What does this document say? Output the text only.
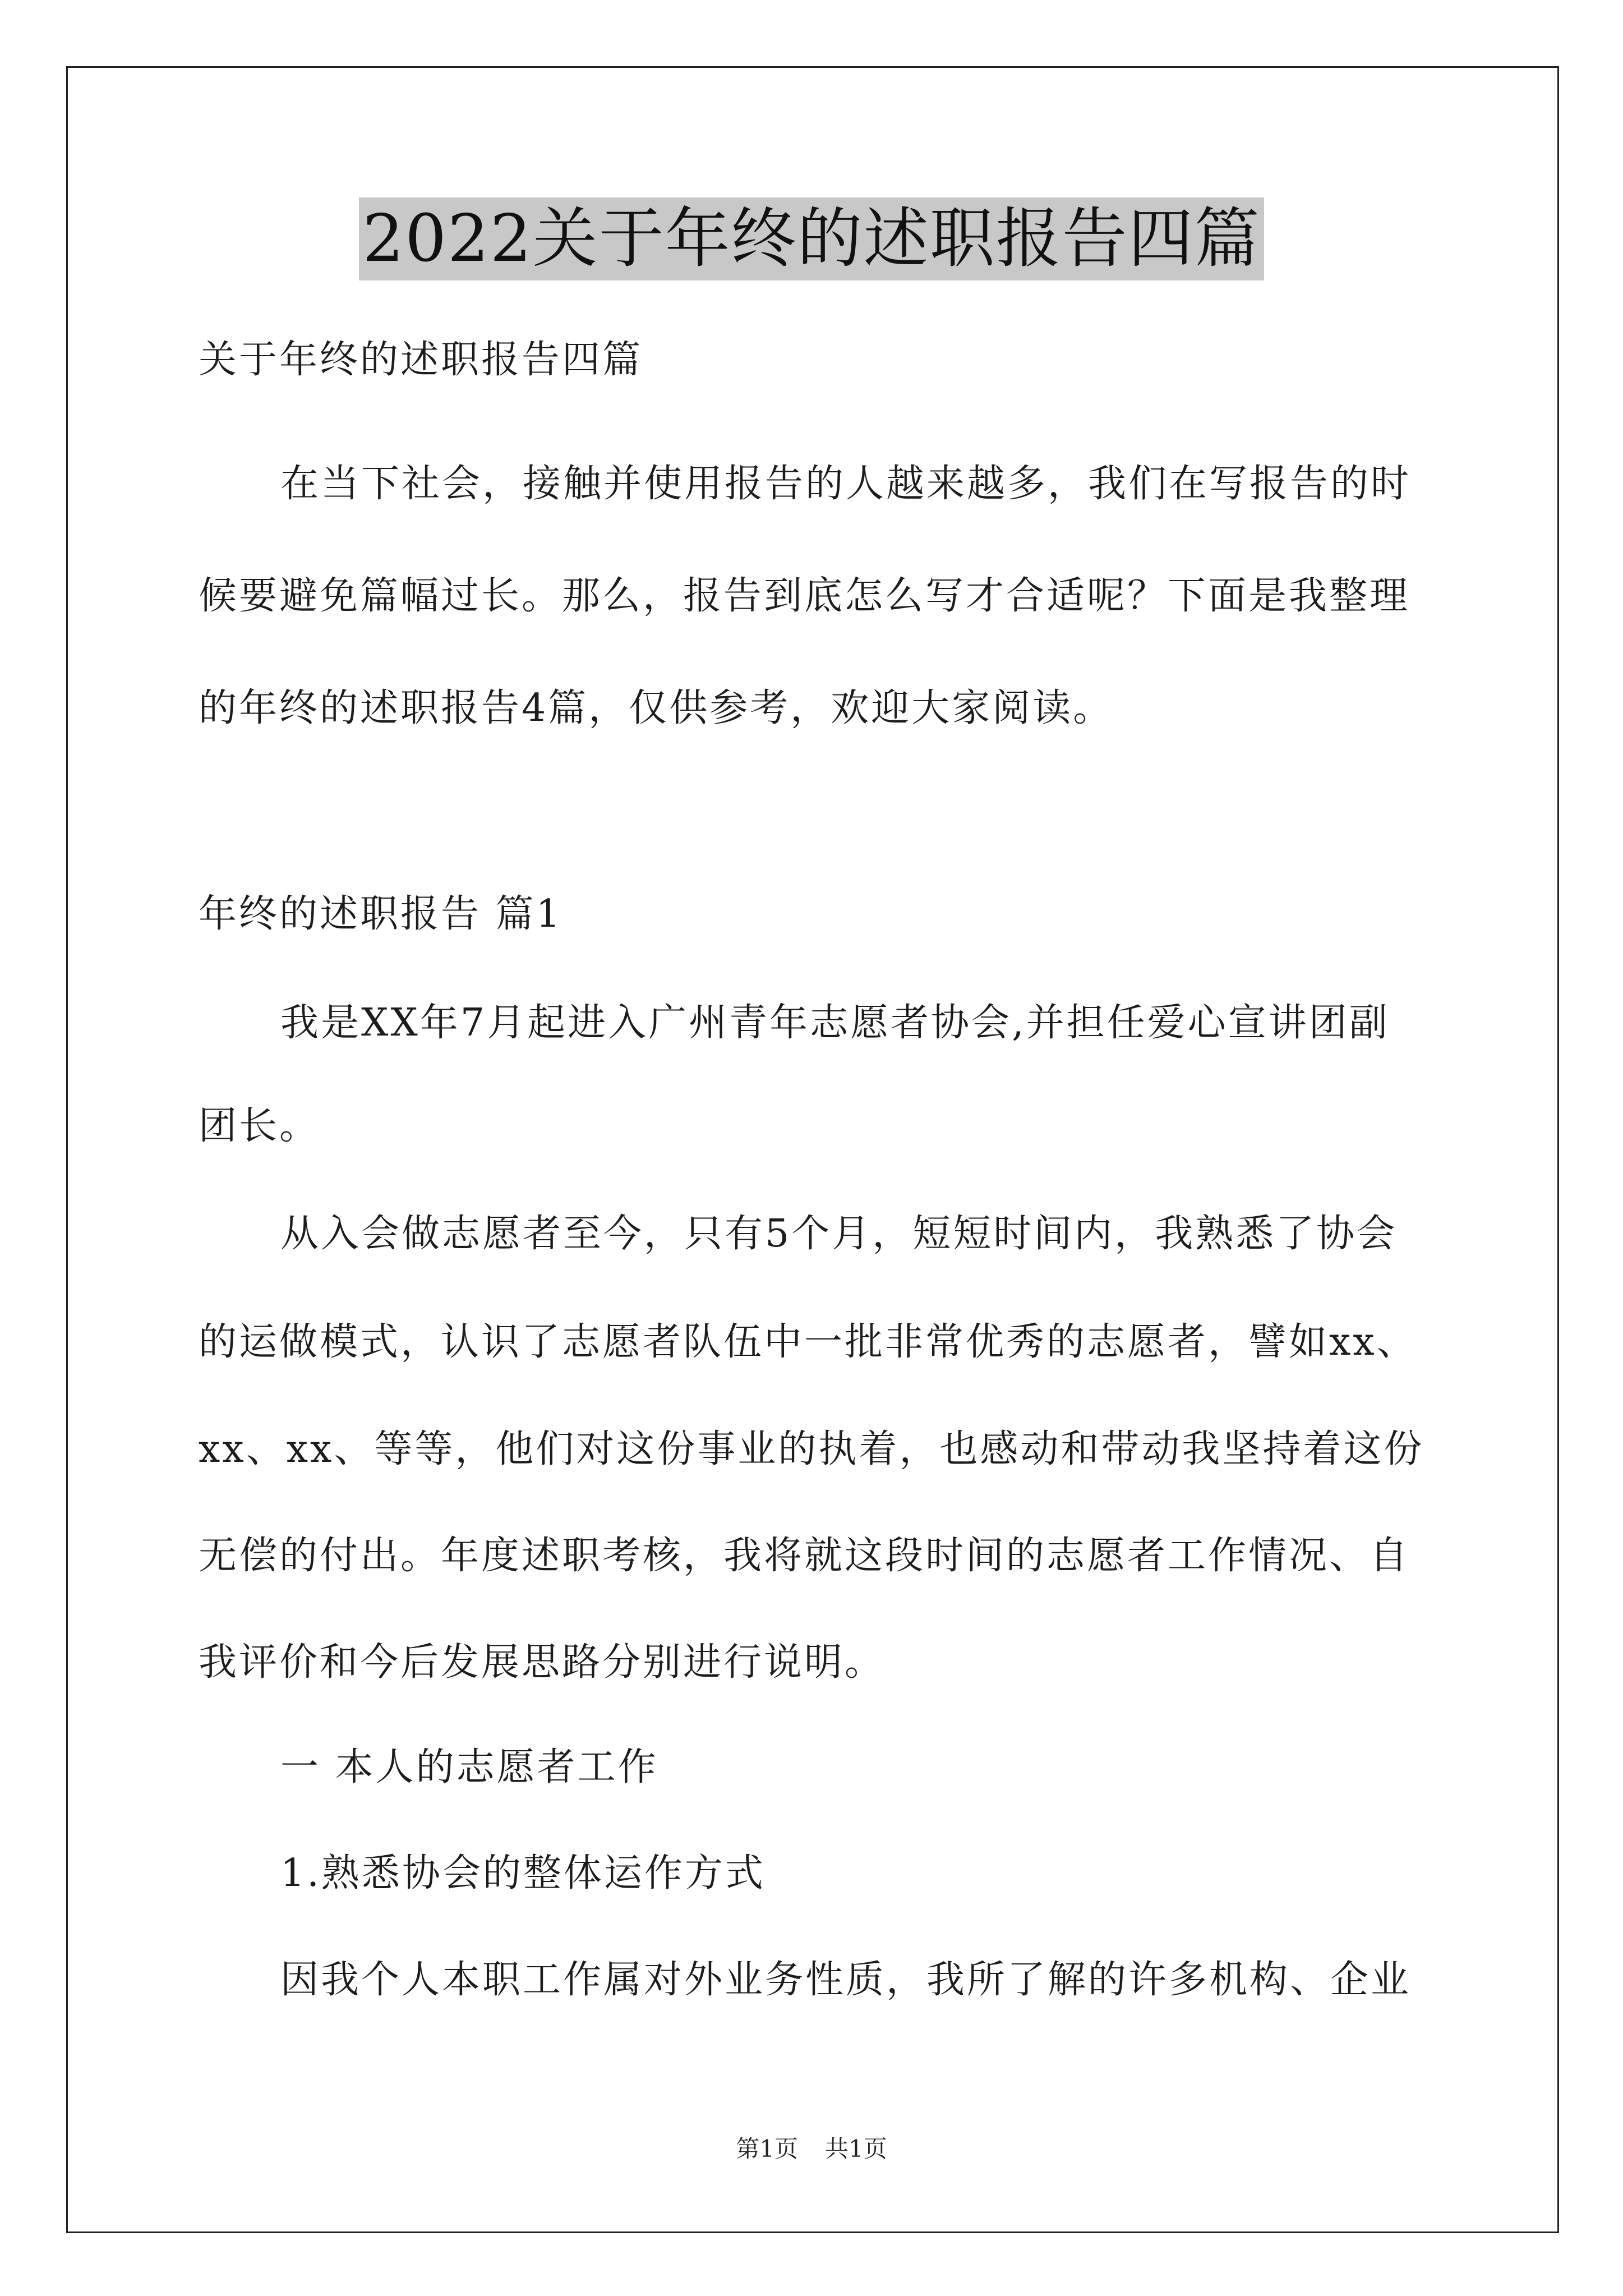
2022关于年终的述职报告四篇
关于年终的述职报告四篇
在当下社会，接触并使用报告的人越来越多，我们在写报告的时
候要避免篇幅过长。那么，报告到底怎么写才合适呢？下面是我整理
的年终的述职报告4篇，仅供参考，欢迎大家阅读。
年终的述职报告 篇1
我是XX年7月起进入广州青年志愿者协会,并担任爱心宣讲团副
团长。
从入会做志愿者至今，只有5个月，短短时间内，我熟悉了协会
的运做模式，认识了志愿者队伍中一批非常优秀的志愿者，譬如xx、
xx、xx、等等，他们对这份事业的执着，也感动和带动我坚持着这份
无偿的付出。年度述职考核，我将就这段时间的志愿者工作情况、自
我评价和今后发展思路分别进行说明。
一 本人的志愿者工作
1.熟悉协会的整体运作方式
因我个人本职工作属对外业务性质，我所了解的许多机构、企业
第1页 共1页
